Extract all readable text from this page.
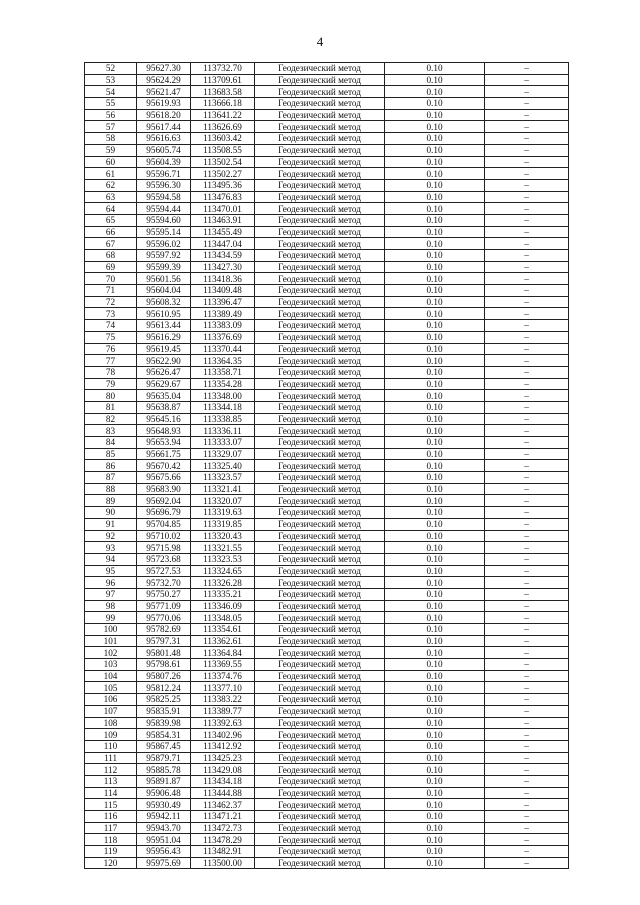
4
52	95627.30	113732.70	Геодезический метод	0.10	–
53	95624.29	113709.61	Геодезический метод	0.10	–
54	95621.47	113683.58	Геодезический метод	0.10	–
55	95619.93	113666.18	Геодезический метод	0.10	–
56	95618.20	113641.22	Геодезический метод	0.10	–
57	95617.44	113626.69	Геодезический метод	0.10	–
58	95616.63	113603.42	Геодезический метод	0.10	–
59	95605.74	113508.55	Геодезический метод	0.10	–
60	95604.39	113502.54	Геодезический метод	0.10	–
61	95596.71	113502.27	Геодезический метод	0.10	–
62	95596.30	113495.36	Геодезический метод	0.10	–
63	95594.58	113476.83	Геодезический метод	0.10	–
64	95594.44	113470.01	Геодезический метод	0.10	–
65	95594.60	113463.91	Геодезический метод	0.10	–
66	95595.14	113455.49	Геодезический метод	0.10	–
67	95596.02	113447.04	Геодезический метод	0.10	–
68	95597.92	113434.59	Геодезический метод	0.10	–
69	95599.39	113427.30	Геодезический метод	0.10	–
70	95601.56	113418.36	Геодезический метод	0.10	–
71	95604.04	113409.48	Геодезический метод	0.10	–
72	95608.32	113396.47	Геодезический метод	0.10	–
73	95610.95	113389.49	Геодезический метод	0.10	–
74	95613.44	113383.09	Геодезический метод	0.10	–
75	95616.29	113376.69	Геодезический метод	0.10	–
76	95619.45	113370.44	Геодезический метод	0.10	–
77	95622.90	113364.35	Геодезический метод	0.10	–
78	95626.47	113358.71	Геодезический метод	0.10	–
79	95629.67	113354.28	Геодезический метод	0.10	–
80	95635.04	113348.00	Геодезический метод	0.10	–
81	95638.87	113344.18	Геодезический метод	0.10	–
82	95645.16	113338.85	Геодезический метод	0.10	–
83	95648.93	113336.11	Геодезический метод	0.10	–
84	95653.94	113333.07	Геодезический метод	0.10	–
85	95661.75	113329.07	Геодезический метод	0.10	–
86	95670.42	113325.40	Геодезический метод	0.10	–
87	95675.66	113323.57	Геодезический метод	0.10	–
88	95683.90	113321.41	Геодезический метод	0.10	–
89	95692.04	113320.07	Геодезический метод	0.10	–
90	95696.79	113319.63	Геодезический метод	0.10	–
91	95704.85	113319.85	Геодезический метод	0.10	–
92	95710.02	113320.43	Геодезический метод	0.10	–
93	95715.98	113321.55	Геодезический метод	0.10	–
94	95723.68	113323.53	Геодезический метод	0.10	–
95	95727.53	113324.65	Геодезический метод	0.10	–
96	95732.70	113326.28	Геодезический метод	0.10	–
97	95750.27	113335.21	Геодезический метод	0.10	–
98	95771.09	113346.09	Геодезический метод	0.10	–
99	95770.06	113348.05	Геодезический метод	0.10	–
100	95782.69	113354.61	Геодезический метод	0.10	–
101	95797.31	113362.61	Геодезический метод	0.10	–
102	95801.48	113364.84	Геодезический метод	0.10	–
103	95798.61	113369.55	Геодезический метод	0.10	–
104	95807.26	113374.76	Геодезический метод	0.10	–
105	95812.24	113377.10	Геодезический метод	0.10	–
106	95825.25	113383.22	Геодезический метод	0.10	–
107	95835.91	113389.77	Геодезический метод	0.10	–
108	95839.98	113392.63	Геодезический метод	0.10	–
109	95854.31	113402.96	Геодезический метод	0.10	–
110	95867.45	113412.92	Геодезический метод	0.10	–
111	95879.71	113425.23	Геодезический метод	0.10	–
112	95885.78	113429.08	Геодезический метод	0.10	–
113	95891.87	113434.18	Геодезический метод	0.10	–
114	95906.48	113444.88	Геодезический метод	0.10	–
115	95930.49	113462.37	Геодезический метод	0.10	–
116	95942.11	113471.21	Геодезический метод	0.10	–
117	95943.70	113472.73	Геодезический метод	0.10	–
118	95951.04	113478.29	Геодезический метод	0.10	–
119	95956.43	113482.91	Геодезический метод	0.10	–
120	95975.69	113500.00	Геодезический метод	0.10	–
